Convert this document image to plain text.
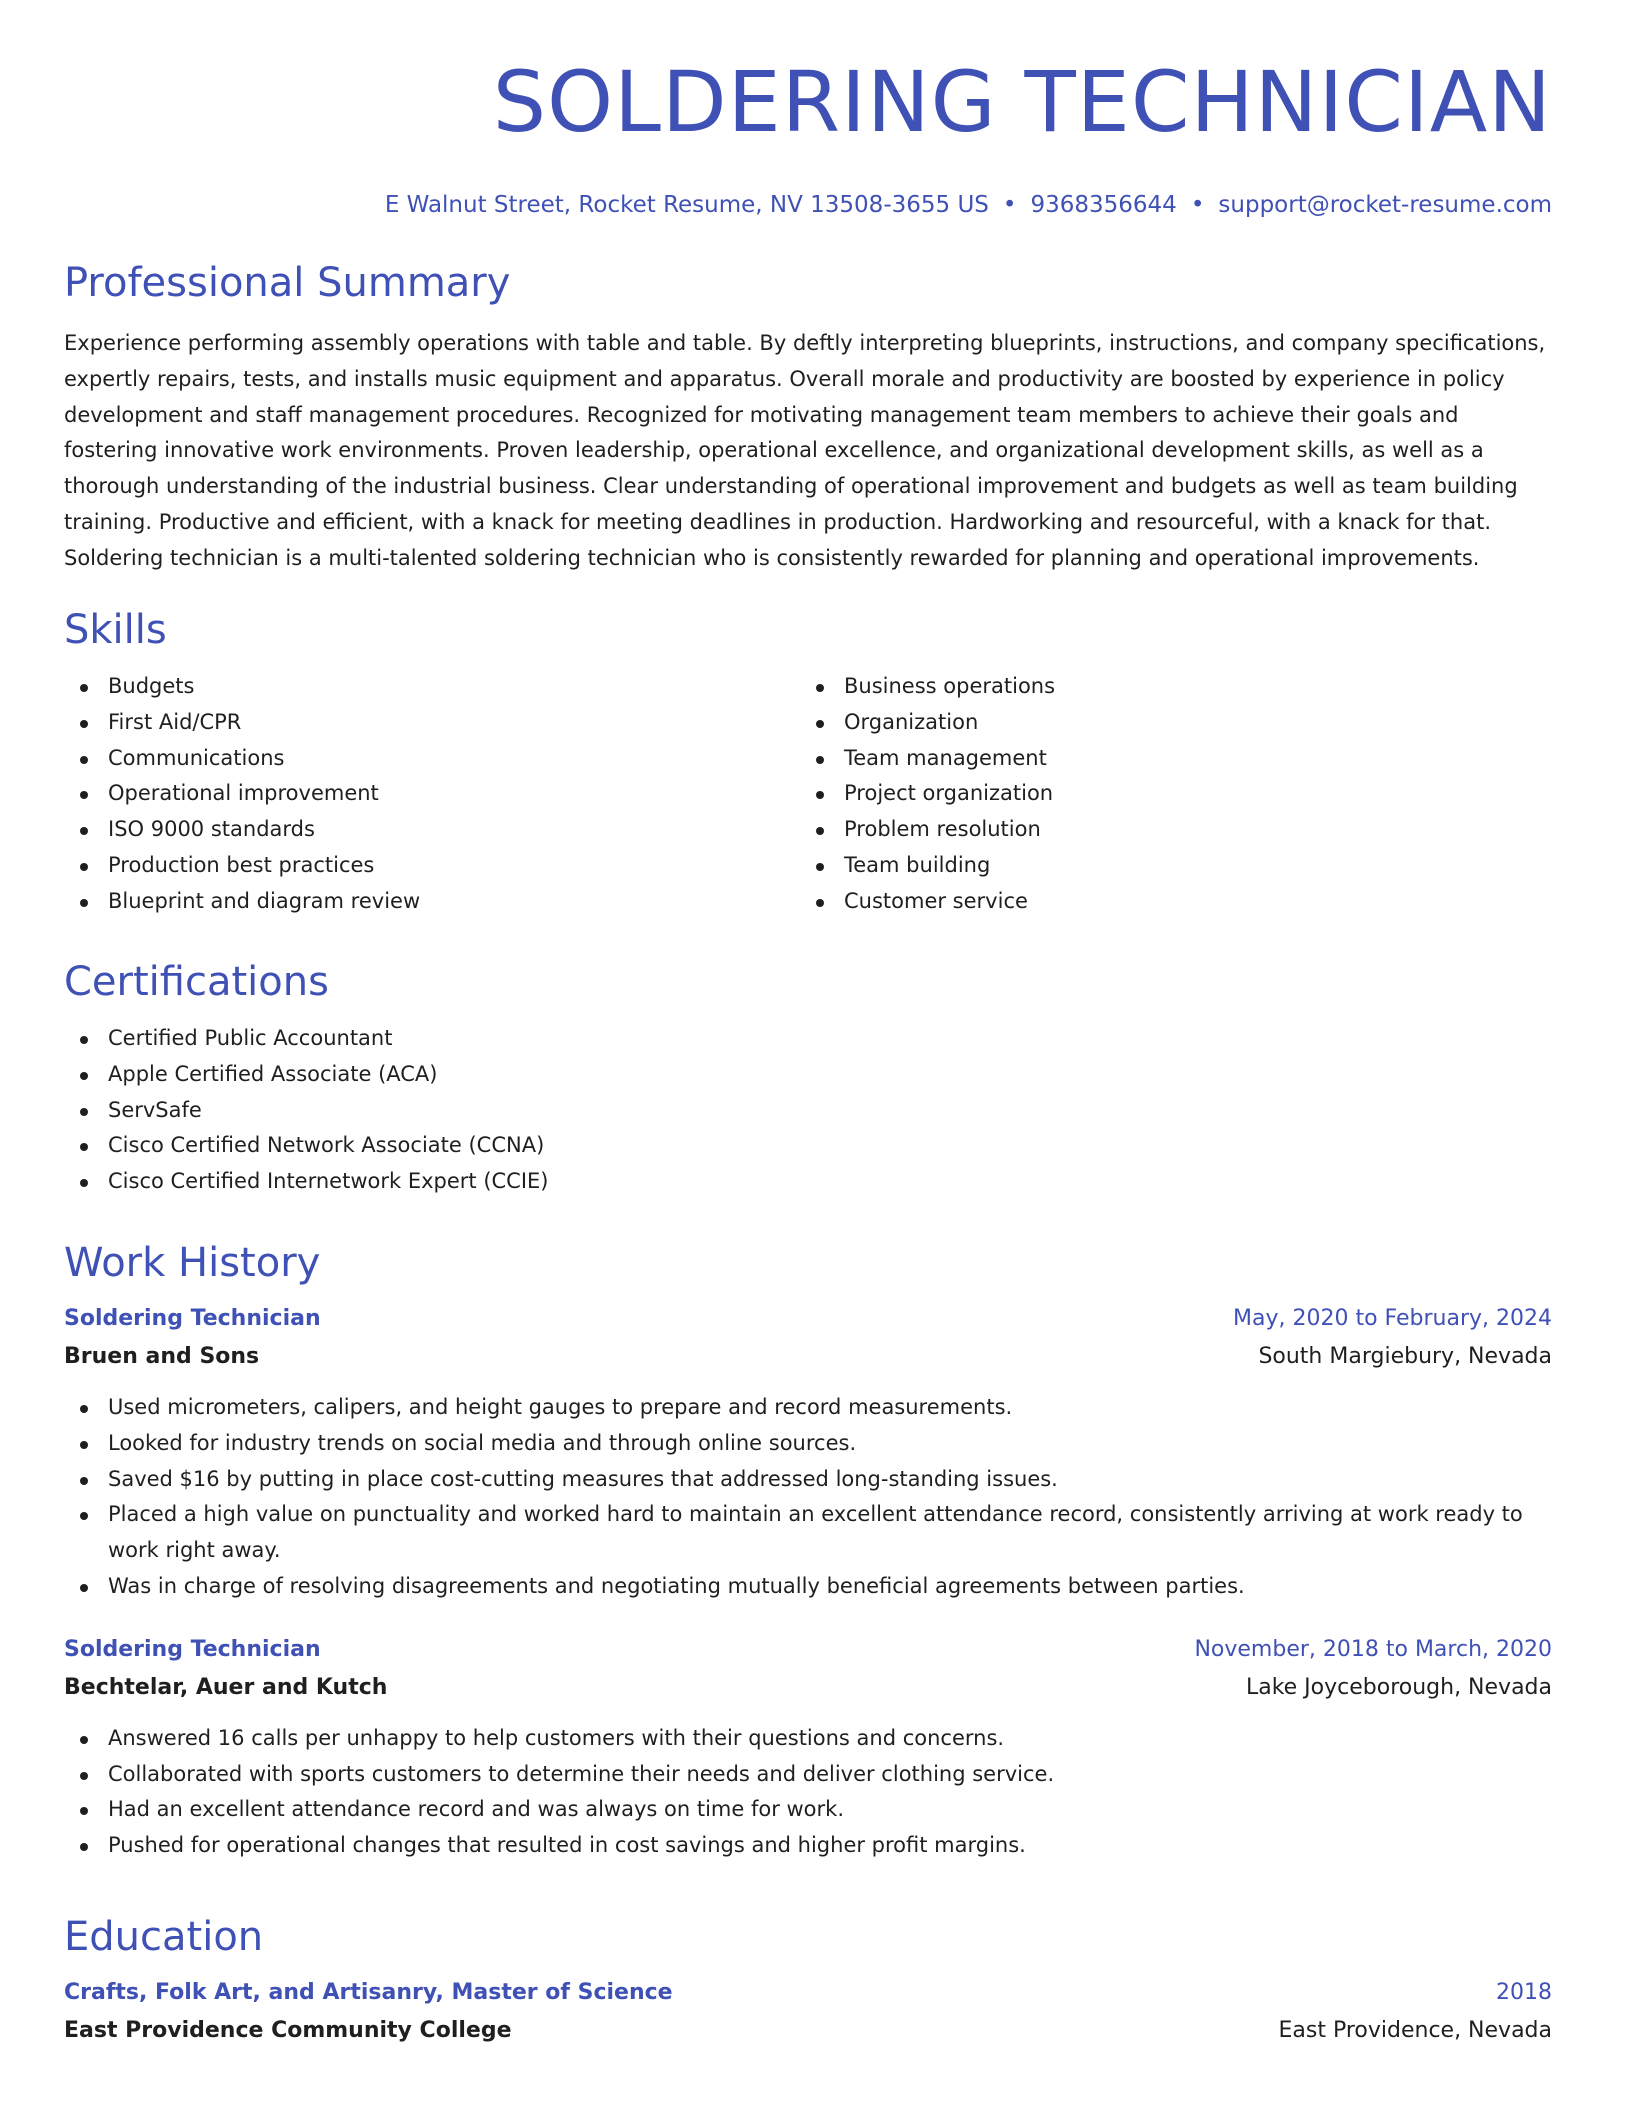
SOLDERING TECHNICIAN
E Walnut Street, Rocket Resume, NV 13508-3655 US • 9368356644 • support@rocket-resume.com
Professional Summary
Experience performing assembly operations with table and table. By deftly interpreting blueprints, instructions, and company specifications, expertly repairs, tests, and installs music equipment and apparatus. Overall morale and productivity are boosted by experience in policy development and staff management procedures. Recognized for motivating management team members to achieve their goals and fostering innovative work environments. Proven leadership, operational excellence, and organizational development skills, as well as a thorough understanding of the industrial business. Clear understanding of operational improvement and budgets as well as team building training. Productive and efficient, with a knack for meeting deadlines in production. Hardworking and resourceful, with a knack for that. Soldering technician is a multi-talented soldering technician who is consistently rewarded for planning and operational improvements.
Skills
Budgets
First Aid/CPR
Communications
Operational improvement
ISO 9000 standards
Production best practices
Blueprint and diagram review
Business operations
Organization
Team management
Project organization
Problem resolution
Team building
Customer service
Certifications
Certified Public Accountant
Apple Certified Associate (ACA)
ServSafe
Cisco Certified Network Associate (CCNA)
Cisco Certified Internetwork Expert (CCIE)
Work History
Soldering Technician	May, 2020 to February, 2024
Bruen and Sons	South Margiebury, Nevada
Used micrometers, calipers, and height gauges to prepare and record measurements.
Looked for industry trends on social media and through online sources.
Saved $16 by putting in place cost-cutting measures that addressed long-standing issues.
Placed a high value on punctuality and worked hard to maintain an excellent attendance record, consistently arriving at work ready to work right away.
Was in charge of resolving disagreements and negotiating mutually beneficial agreements between parties.
Soldering Technician	November, 2018 to March, 2020
Bechtelar, Auer and Kutch	Lake Joyceborough, Nevada
Answered 16 calls per unhappy to help customers with their questions and concerns.
Collaborated with sports customers to determine their needs and deliver clothing service.
Had an excellent attendance record and was always on time for work.
Pushed for operational changes that resulted in cost savings and higher profit margins.
Education
Crafts, Folk Art, and Artisanry, Master of Science	2018
East Providence Community College	East Providence, Nevada
